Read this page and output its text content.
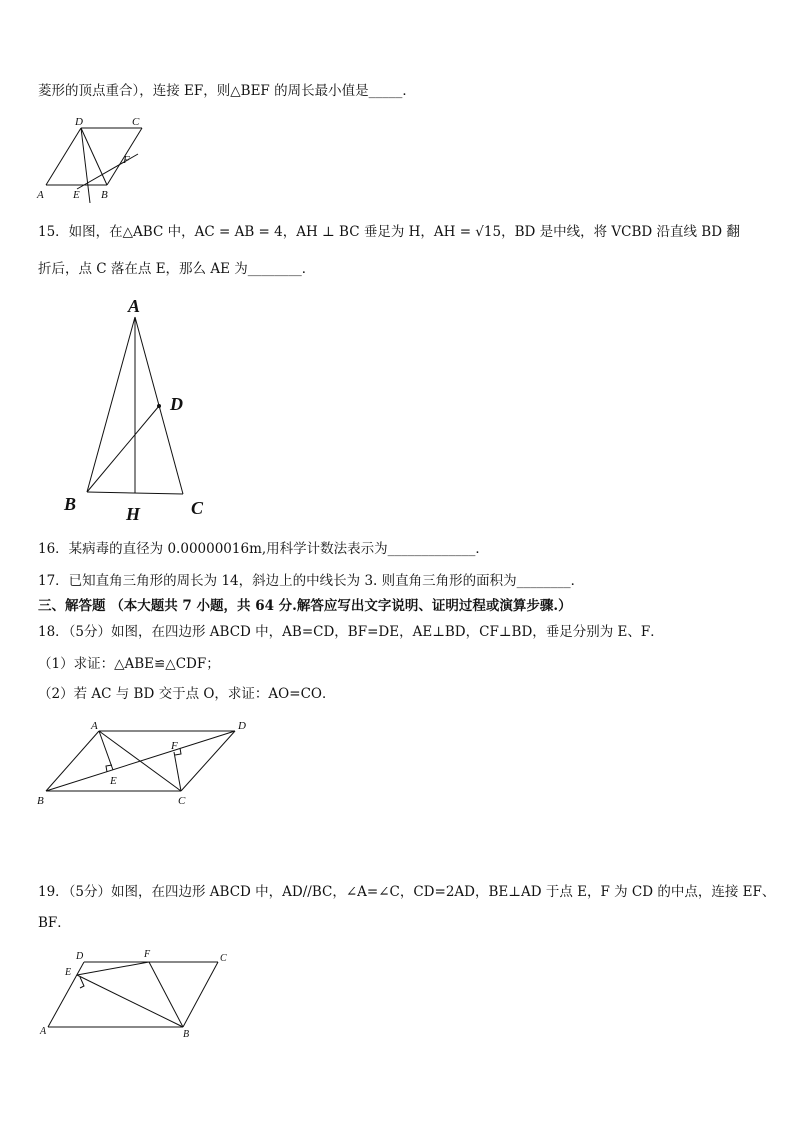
菱形的顶点重合），连接 EF，则△BEF 的周长最小值是_____．
D	C
F
A	E B
15．如图，在△ABC 中，AC = AB = 4，AH ⊥ BC 垂足为 H，AH = √15，BD 是中线，将 VCBD 沿直线 BD 翻
折后，点 C 落在点 E，那么 AE 为________．
A
D
B	H	C
16．某病毒的直径为 0.00000016m,用科学计数法表示为_____________．
17．已知直角三角形的周长为 14，斜边上的中线长为 3. 则直角三角形的面积为________．
三、解答题 （本大题共 7 小题，共 64 分.解答应写出文字说明、证明过程或演算步骤.）
18．（5分）如图，在四边形 ABCD 中，AB=CD，BF=DE，AE⊥BD，CF⊥BD，垂足分别为 E、F．
（1）求证：△ABE≌△CDF；
（2）若 AC 与 BD 交于点 O，求证：AO=CO．
A	D
F
E
B	C
19．（5分）如图，在四边形 ABCD 中，AD//BC，∠A=∠C，CD=2AD，BE⊥AD 于点 E，F 为 CD 的中点，连接 EF、
BF．
D	F	C
E
A	B
